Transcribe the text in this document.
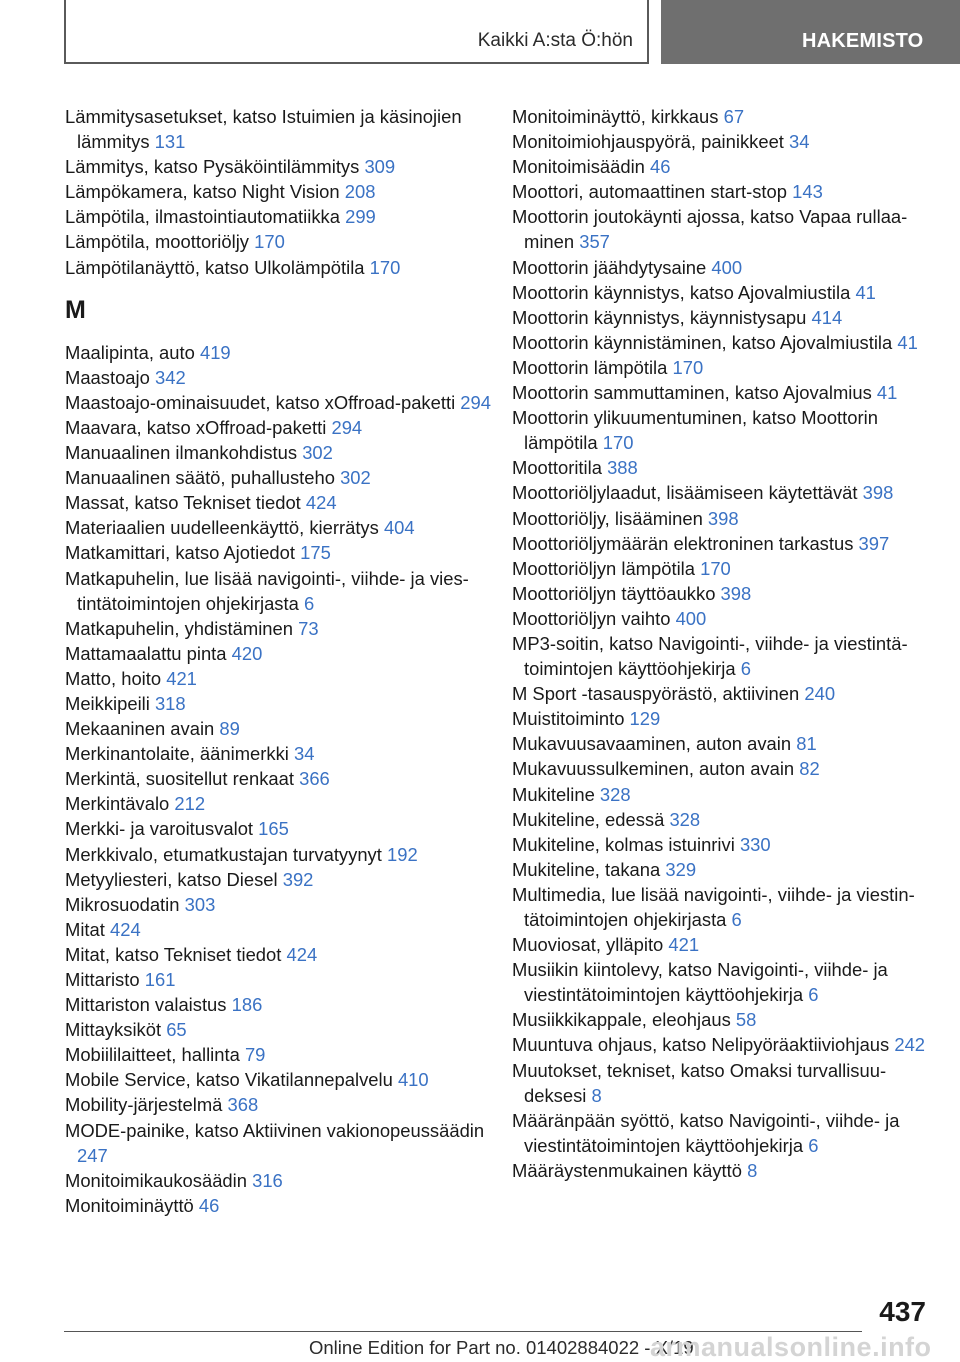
Kaikki A:sta Ö:hön	HAKEMISTO
Lämmitysasetukset, katso Istuimien ja käsinojien lämmitys 131
Lämmitys, katso Pysäköintilämmitys 309
Lämpökamera, katso Night Vision 208
Lämpötila, ilmastointiautomatiikka 299
Lämpötila, moottoriöljy 170
Lämpötilanäyttö, katso Ulkolämpötila 170
M
Maalipinta, auto 419
Maastoajo 342
Maastoajo-ominaisuudet, katso xOffroad-paketti 294
Maavara, katso xOffroad-paketti 294
Manuaalinen ilmankohdistus 302
Manuaalinen säätö, puhallusteho 302
Massat, katso Tekniset tiedot 424
Materiaalien uudelleenkäyttö, kierrätys 404
Matkamittari, katso Ajotiedot 175
Matkapuhelin, lue lisää navigointi-, viihde- ja viestintätoimintojen ohjekirjasta 6
Matkapuhelin, yhdistäminen 73
Mattamaalattu pinta 420
Matto, hoito 421
Meikkipeili 318
Mekaaninen avain 89
Merkinantolaite, äänimerkki 34
Merkintä, suositellut renkaat 366
Merkintävalo 212
Merkki- ja varoitusvalot 165
Merkkivalo, etumatkustajan turvatyynyt 192
Metyyliesteri, katso Diesel 392
Mikrosuodatin 303
Mitat 424
Mitat, katso Tekniset tiedot 424
Mittaristo 161
Mittariston valaistus 186
Mittayksiköt 65
Mobiililaitteet, hallinta 79
Mobile Service, katso Vikatilannepalvelu 410
Mobility-järjestelmä 368
MODE-painike, katso Aktiivinen vakionopeussäädin 247
Monitoimikaukosäädin 316
Monitoiminäyttö 46
Monitoiminäyttö, kirkkaus 67
Monitoimiohjauspyörä, painikkeet 34
Monitoimisäädin 46
Moottori, automaattinen start-stop 143
Moottorin joutokäynti ajossa, katso Vapaa rullaaminen 357
Moottorin jäähdytysaine 400
Moottorin käynnistys, katso Ajovalmiustila 41
Moottorin käynnistys, käynnistysapu 414
Moottorin käynnistäminen, katso Ajovalmiustila 41
Moottorin lämpötila 170
Moottorin sammuttaminen, katso Ajovalmius 41
Moottorin ylikuumentuminen, katso Moottorin lämpötila 170
Moottoritila 388
Moottoriöljylaadut, lisäämiseen käytettävät 398
Moottoriöljy, lisääminen 398
Moottoriöljymäärän elektroninen tarkastus 397
Moottoriöljyn lämpötila 170
Moottoriöljyn täyttöaukko 398
Moottoriöljyn vaihto 400
MP3-soitin, katso Navigointi-, viihde- ja viestintätoimintojen käyttöohjekirja 6
M Sport -tasauspyörästö, aktiivinen 240
Muistitoiminto 129
Mukavuusavaaminen, auton avain 81
Mukavuussulkeminen, auton avain 82
Mukiteline 328
Mukiteline, edessä 328
Mukiteline, kolmas istuinrivi 330
Mukiteline, takana 329
Multimedia, lue lisää navigointi-, viihde- ja viestintätoimintojen ohjekirjasta 6
Muoviosat, ylläpito 421
Musiikin kiintolevy, katso Navigointi-, viihde- ja viestintätoimintojen käyttöohjekirja 6
Musiikkikappale, eleohjaus 58
Muuntuva ohjaus, katso Nelipyöräaktiiviohjaus 242
Muutokset, tekniset, katso Omaksi turvallisuudeksesi 8
Määränpään syöttö, katso Navigointi-, viihde- ja viestintätoimintojen käyttöohjekirja 6
Määräystenmukainen käyttö 8
437
Online Edition for Part no. 01402884022 - X/19
armanualsonline.info
